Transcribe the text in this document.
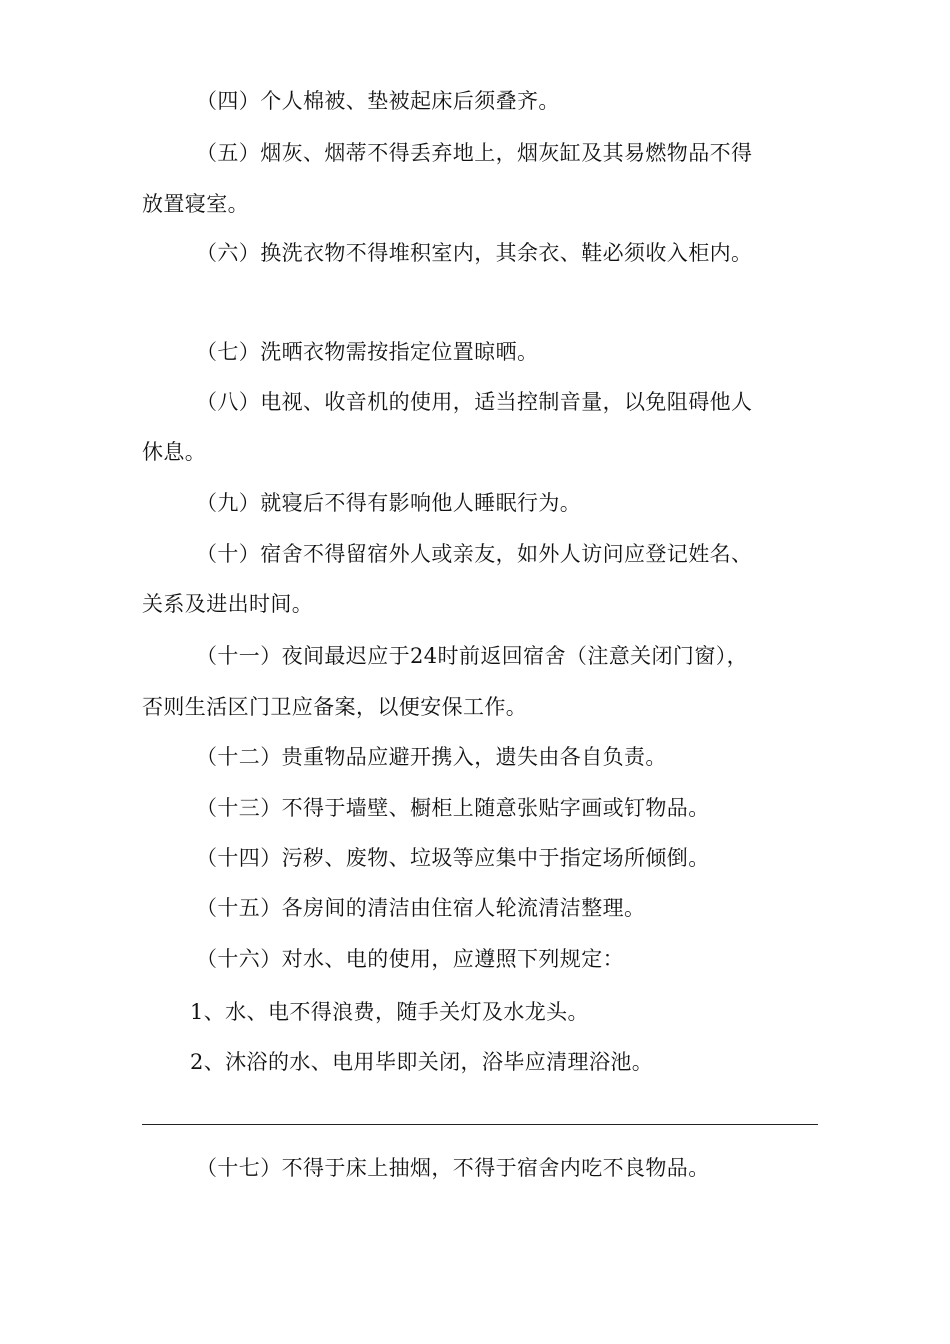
（四）个人棉被、垫被起床后须叠齐。
（五）烟灰、烟蒂不得丢弃地上，烟灰缸及其易燃物品不得
放置寝室。
（六）换洗衣物不得堆积室内，其余衣、鞋必须收入柜内。
（七）洗晒衣物需按指定位置晾晒。
（八）电视、收音机的使用，适当控制音量，以免阻碍他人
休息。
（九）就寝后不得有影响他人睡眠行为。
（十）宿舍不得留宿外人或亲友，如外人访问应登记姓名、
关系及进出时间。
（十一）夜间最迟应于24时前返回宿舍（注意关闭门窗），
否则生活区门卫应备案，以便安保工作。
（十二）贵重物品应避开携入，遗失由各自负责。
（十三）不得于墙壁、橱柜上随意张贴字画或钉物品。
（十四）污秽、废物、垃圾等应集中于指定场所倾倒。
（十五）各房间的清洁由住宿人轮流清洁整理。
（十六）对水、电的使用，应遵照下列规定：
1、水、电不得浪费，随手关灯及水龙头。
2、沐浴的水、电用毕即关闭，浴毕应清理浴池。
（十七）不得于床上抽烟，不得于宿舍内吃不良物品。
